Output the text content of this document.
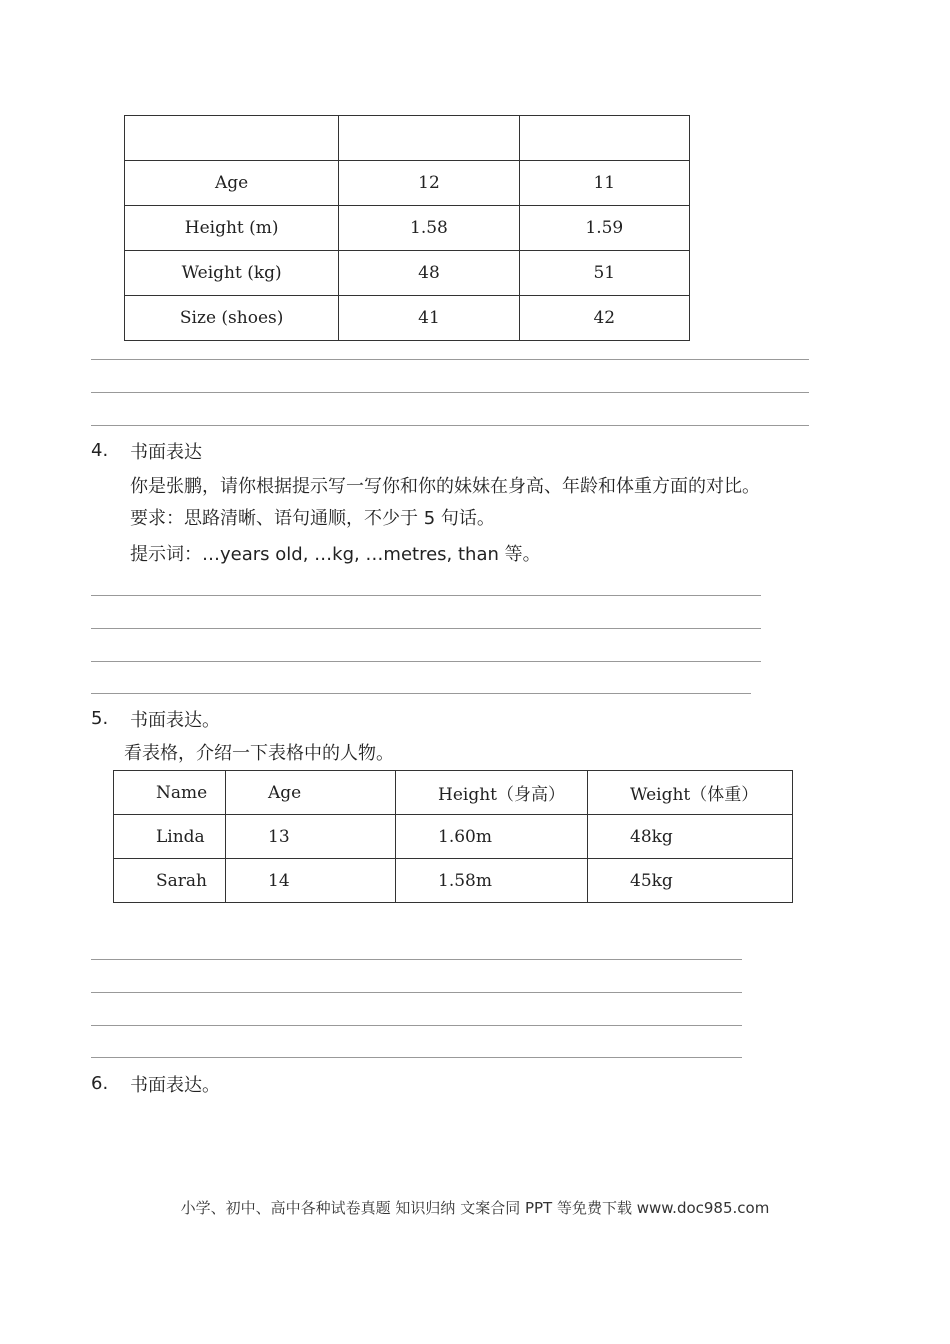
Age	12	11
Height (m)	1.58	1.59
Weight (kg)	48	51
Size (shoes)	41	42
4. 书面表达
你是张鹏，请你根据提示写一写你和你的妹妹在身高、年龄和体重方面的对比。
要求：思路清晰、语句通顺，不少于 5 句话。
提示词：…years old, …kg, …metres, than 等。
5. 书面表达。
看表格，介绍一下表格中的人物。
Name	Age	Height（身高）	Weight（体重）
Linda	13	1.60m	48kg
Sarah	14	1.58m	45kg
6. 书面表达。
小学、初中、高中各种试卷真题 知识归纳 文案合同 PPT 等免费下载 www.doc985.com
